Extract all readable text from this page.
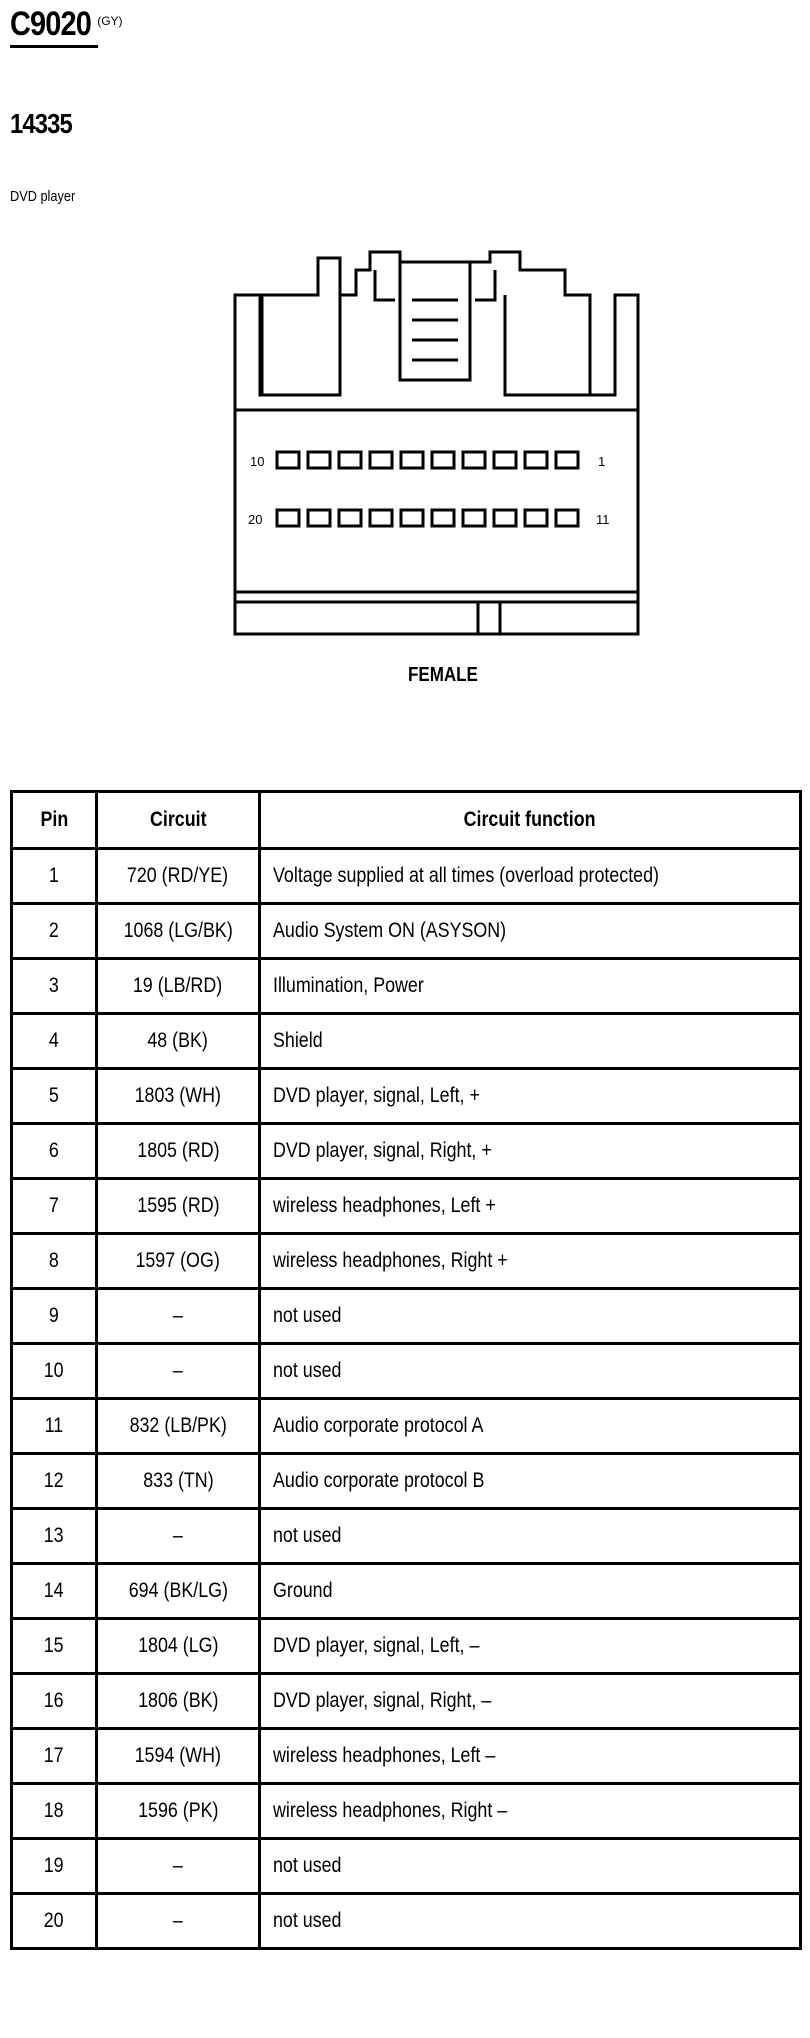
C9020 (GY)
14335
DVD player
10	1
20	11
FEMALE
Pin	Circuit	Circuit function
1	720 (RD/YE)	Voltage supplied at all times (overload protected)
2	1068 (LG/BK)	Audio System ON (ASYSON)
3	19 (LB/RD)	Illumination, Power
4	48 (BK)	Shield
5	1803 (WH)	DVD player, signal, Left, +
6	1805 (RD)	DVD player, signal, Right, +
7	1595 (RD)	wireless headphones, Left +
8	1597 (OG)	wireless headphones, Right +
9	–	not used
10	–	not used
11	832 (LB/PK)	Audio corporate protocol A
12	833 (TN)	Audio corporate protocol B
13	–	not used
14	694 (BK/LG)	Ground
15	1804 (LG)	DVD player, signal, Left, –
16	1806 (BK)	DVD player, signal, Right, –
17	1594 (WH)	wireless headphones, Left –
18	1596 (PK)	wireless headphones, Right –
19	–	not used
20	–	not used
